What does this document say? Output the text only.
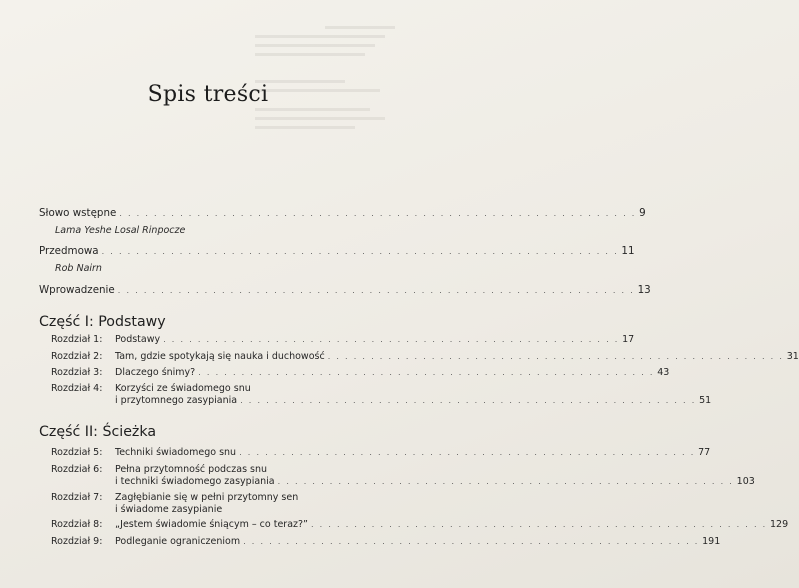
Spis treści
Słowo wstępne . . . . . . . . . . . . . . . . . . . . . . . . . . . . . . . . . . . . . . . . . . . . . . . . . . . . . . . . . . . . 9
Lama Yeshe Losal Rinpocze
Przedmowa . . . . . . . . . . . . . . . . . . . . . . . . . . . . . . . . . . . . . . . . . . . . . . . . . . . . . . . . . . . . 11
Rob Nairn
Wprowadzenie . . . . . . . . . . . . . . . . . . . . . . . . . . . . . . . . . . . . . . . . . . . . . . . . . . . . . . . . . . . . 13
Część I: Podstawy
Rozdział 1:	Podstawy . . . . . . . . . . . . . . . . . . . . . . . . . . . . . . . . . . . . . . . . . . . . . . . . . . . . . 17
Rozdział 2:	Tam, gdzie spotykają się nauka i duchowość . . . . . . . . . . . . . . . . . . . . . . . . . . . . . . . . . . . . . . . . . . . . . . . . . . . . . 31
Rozdział 3:	Dlaczego śnimy? . . . . . . . . . . . . . . . . . . . . . . . . . . . . . . . . . . . . . . . . . . . . . . . . . . . . . 43
Rozdział 4:	Korzyści ze świadomego snu
i przytomnego zasypiania . . . . . . . . . . . . . . . . . . . . . . . . . . . . . . . . . . . . . . . . . . . . . . . . . . . . . 51
Część II: Ścieżka
Rozdział 5:	Techniki świadomego snu . . . . . . . . . . . . . . . . . . . . . . . . . . . . . . . . . . . . . . . . . . . . . . . . . . . . . 77
Rozdział 6:	Pełna przytomność podczas snu
i techniki świadomego zasypiania . . . . . . . . . . . . . . . . . . . . . . . . . . . . . . . . . . . . . . . . . . . . . . . . . . . . . 103
Rozdział 7:	Zagłębianie się w pełni przytomny sen
i świadome zasypianie
Rozdział 8:	„Jestem świadomie śniącym – co teraz?” . . . . . . . . . . . . . . . . . . . . . . . . . . . . . . . . . . . . . . . . . . . . . . . . . . . . . 129
Rozdział 9:	Podleganie ograniczeniom . . . . . . . . . . . . . . . . . . . . . . . . . . . . . . . . . . . . . . . . . . . . . . . . . . . . . 191
